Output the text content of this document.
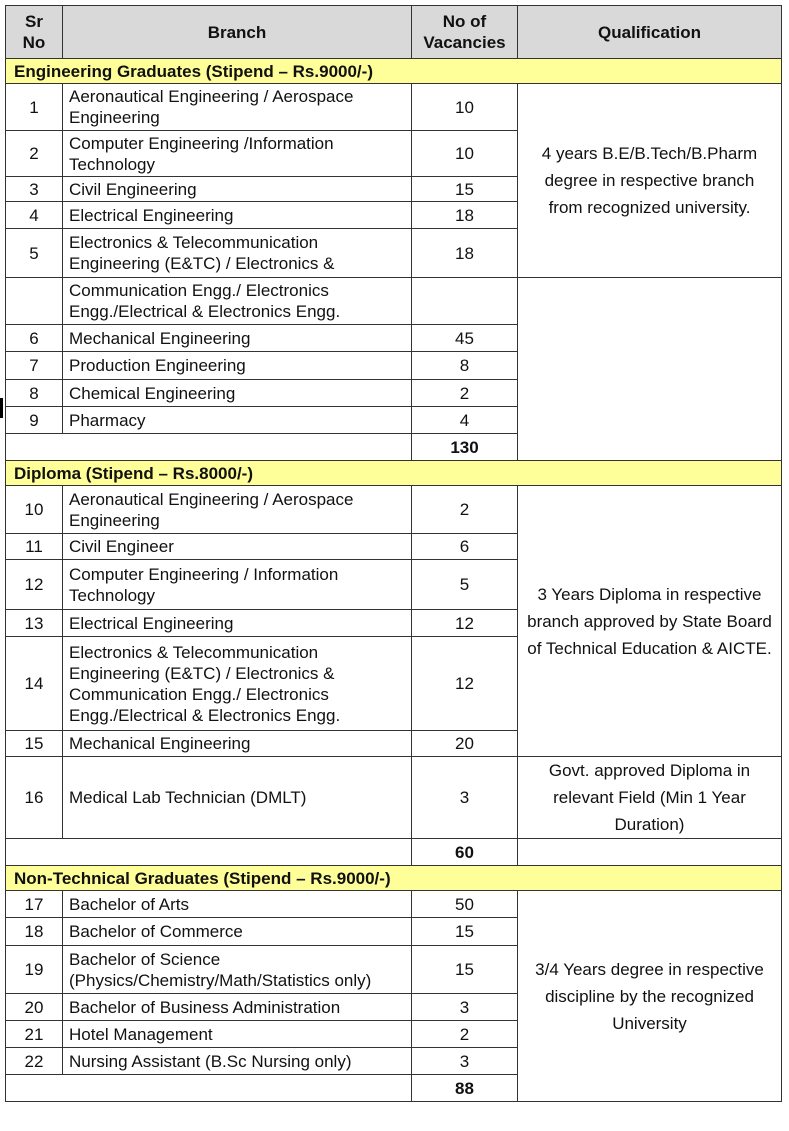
Sr No	Branch	No of Vacancies	Qualification
Engineering Graduates (Stipend – Rs.9000/-)			
1	Aeronautical Engineering / Aerospace Engineering	10	4 years B.E/B.Tech/B.Pharm degree in respective branch from recognized university.
2	Computer Engineering /Information Technology	10	
3	Civil Engineering	15	
4	Electrical Engineering	18	
5	Electronics & Telecommunication Engineering (E&TC) / Electronics &	18	
	Communication Engg./ Electronics Engg./Electrical & Electronics Engg.		
6	Mechanical Engineering	45	
7	Production Engineering	8	
8	Chemical Engineering	2	
9	Pharmacy	4	
		130	
Diploma (Stipend – Rs.8000/-)			
10	Aeronautical Engineering / Aerospace Engineering	2	3 Years Diploma in respective branch approved by State Board of Technical Education & AICTE.
11	Civil Engineer	6	
12	Computer Engineering / Information Technology	5	
13	Electrical Engineering	12	
14	Electronics & Telecommunication Engineering (E&TC) / Electronics & Communication Engg./ Electronics Engg./Electrical & Electronics Engg.	12	
15	Mechanical Engineering	20	
16	Medical Lab Technician (DMLT)	3	Govt. approved Diploma in relevant Field (Min 1 Year Duration)
		60	
Non-Technical Graduates (Stipend – Rs.9000/-)			
17	Bachelor of Arts	50	3/4 Years degree in respective discipline by the recognized University
18	Bachelor of Commerce	15	
19	Bachelor of Science (Physics/Chemistry/Math/Statistics only)	15	
20	Bachelor of Business Administration	3	
21	Hotel Management	2	
22	Nursing Assistant (B.Sc Nursing only)	3	
		88	
